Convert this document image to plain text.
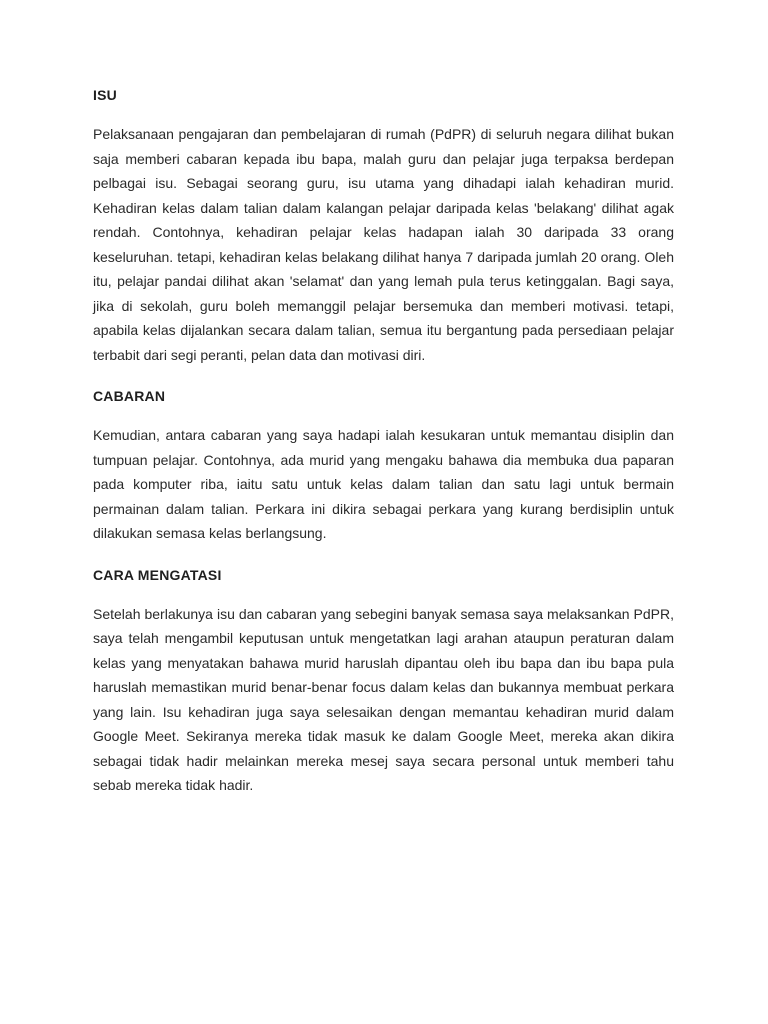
ISU

Pelaksanaan pengajaran dan pembelajaran di rumah (PdPR) di seluruh negara dilihat bukan saja memberi cabaran kepada ibu bapa, malah guru dan pelajar juga terpaksa berdepan pelbagai isu. Sebagai seorang guru, isu utama yang dihadapi ialah kehadiran murid. Kehadiran kelas dalam talian dalam kalangan pelajar daripada kelas 'belakang' dilihat agak rendah. Contohnya, kehadiran pelajar kelas hadapan ialah 30 daripada 33 orang keseluruhan. tetapi, kehadiran kelas belakang dilihat hanya 7 daripada jumlah 20 orang. Oleh itu, pelajar pandai dilihat akan 'selamat' dan yang lemah pula terus ketinggalan. Bagi saya, jika di sekolah, guru boleh memanggil pelajar bersemuka dan memberi motivasi. tetapi, apabila kelas dijalankan secara dalam talian, semua itu bergantung pada persediaan pelajar terbabit dari segi peranti, pelan data dan motivasi diri.

CABARAN

Kemudian, antara cabaran yang saya hadapi ialah kesukaran untuk memantau disiplin dan tumpuan pelajar. Contohnya, ada murid yang mengaku bahawa dia membuka dua paparan pada komputer riba, iaitu satu untuk kelas dalam talian dan satu lagi untuk bermain permainan dalam talian. Perkara ini dikira sebagai perkara yang kurang berdisiplin untuk dilakukan semasa kelas berlangsung.

CARA MENGATASI

Setelah berlakunya isu dan cabaran yang sebegini banyak semasa saya melaksankan PdPR, saya telah mengambil keputusan untuk mengetatkan lagi arahan ataupun peraturan dalam kelas yang menyatakan bahawa murid haruslah dipantau oleh ibu bapa dan ibu bapa pula haruslah memastikan murid benar-benar focus dalam kelas dan bukannya membuat perkara yang lain. Isu kehadiran juga saya selesaikan dengan memantau kehadiran murid dalam Google Meet. Sekiranya mereka tidak masuk ke dalam Google Meet, mereka akan dikira sebagai tidak hadir melainkan mereka mesej saya secara personal untuk memberi tahu sebab mereka tidak hadir.
